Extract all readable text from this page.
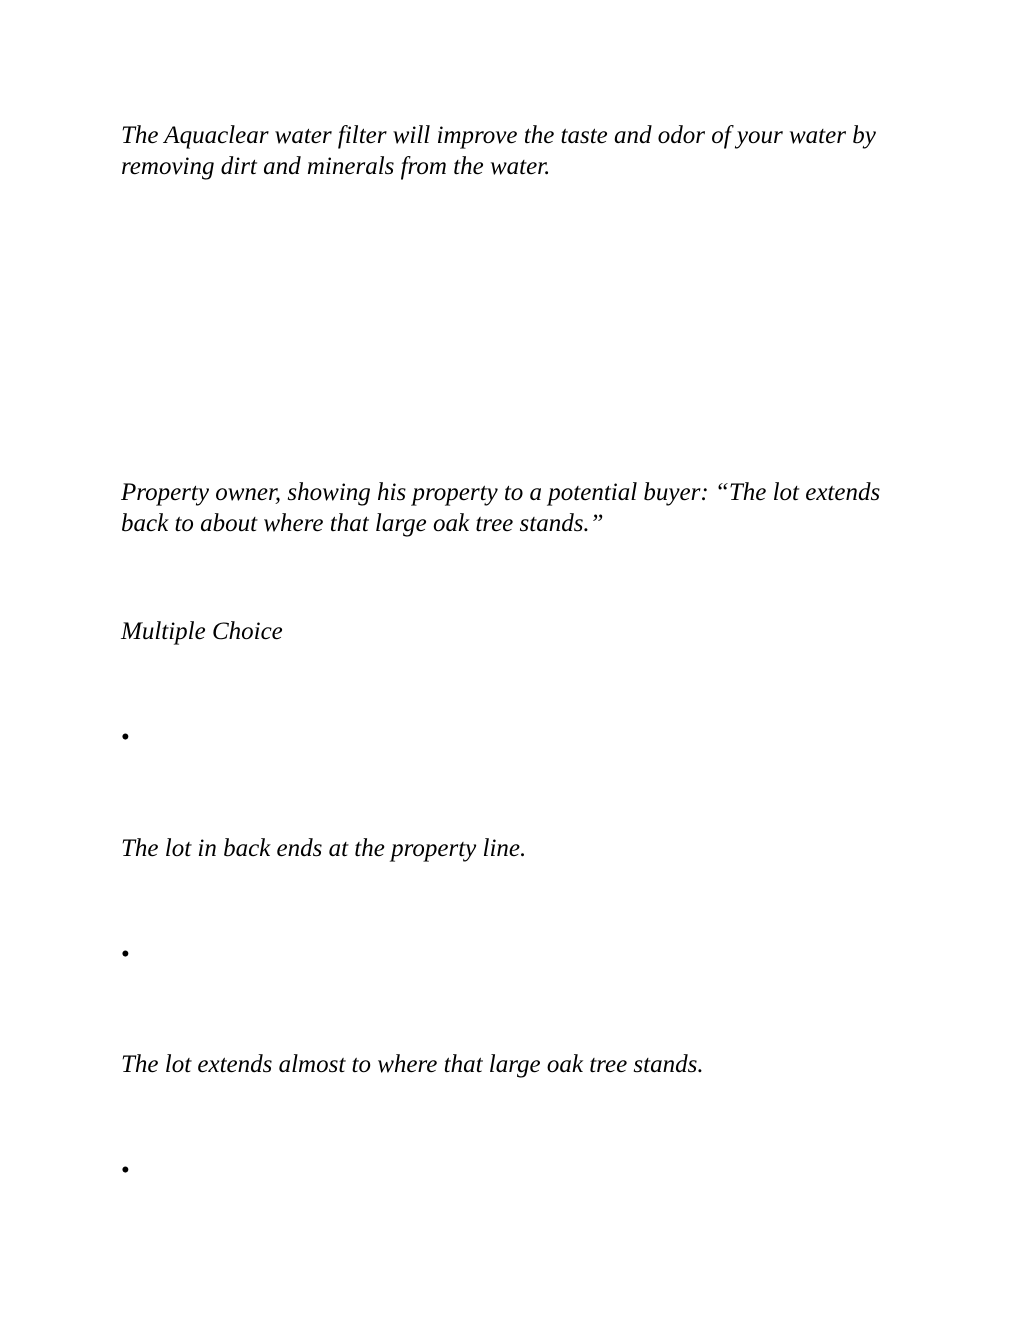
The Aquaclear water filter will improve the taste and odor of your water by removing dirt and minerals from the water.

Property owner, showing his property to a potential buyer: “The lot extends back to about where that large oak tree stands.”

Multiple Choice

•

The lot in back ends at the property line.

•

The lot extends almost to where that large oak tree stands.

•
